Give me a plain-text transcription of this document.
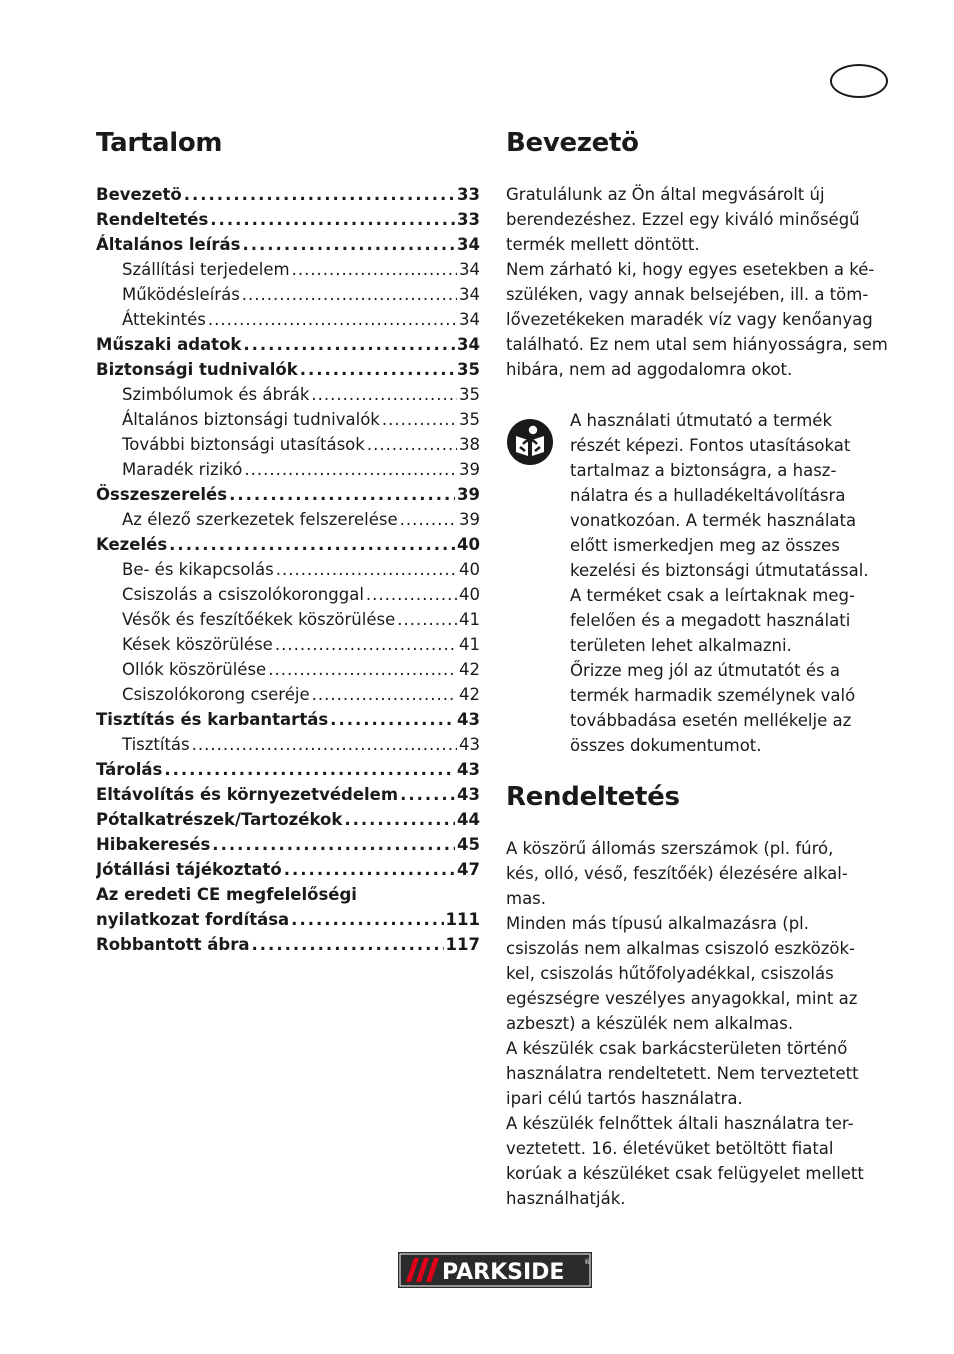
Tartalom
Bevezetö .....	33
Rendeltetés .....	33
Általános leírás .....	34
Szállítási terjedelem .....	34
Működésleírás .....	34
Áttekintés .....	34
Műszaki adatok .....	34
Biztonsági tudnivalók .....	35
Szimbólumok és ábrák .....	35
Általános biztonsági tudnivalók .....	35
További biztonsági utasítások .....	38
Maradék rizikó .....	39
Összeszerelés .....	39
Az élező szerkezetek felszerelése .....	39
Kezelés .....	40
Be- és kikapcsolás .....	40
Csiszolás a csiszolókoronggal .....	40
Vésők és feszítőékek köszörülése .....	41
Kések köszörülése .....	41
Ollók köszörülése .....	42
Csiszolókorong cseréje .....	42
Tisztítás és karbantartás .....	43
Tisztítás .....	43
Tárolás .....	43
Eltávolítás és környezetvédelem .....	43
Pótalkatrészek/Tartozékok .....	44
Hibakeresés .....	45
Jótállási tájékoztató .....	47
Az eredeti CE megfelelőségi
nyilatkozat fordítása .....	111
Robbantott ábra .....	117
Bevezetö

Gratulálunk az Ön által megvásárolt új

berendezéshez. Ezzel egy kiváló minőségű

termék mellett döntött.

Nem zárható ki, hogy egyes esetekben a ké-

szüléken, vagy annak belsejében, ill. a töm-

lővezetékeken maradék víz vagy kenőanyag

található. Ez nem utal sem hiányosságra, sem

hibára, nem ad aggodalomra okot.

A használati útmutató a termék

részét képezi. Fontos utasításokat

tartalmaz a biztonságra, a hasz-

nálatra és a hulladékeltávolításra

vonatkozóan. A termék használata

előtt ismerkedjen meg az összes

kezelési és biztonsági útmutatással.

A terméket csak a leírtaknak meg-

felelően és a megadott használati

területen lehet alkalmazni.

Őrizze meg jól az útmutatót és a

termék harmadik személynek való

továbbadása esetén mellékelje az

összes dokumentumot.

Rendeltetés

A köszörű állomás szerszámok (pl. fúró,

kés, olló, véső, feszítőék) élezésére alkal-

mas.

Minden más típusú alkalmazásra (pl.

csiszolás nem alkalmas csiszoló eszközök-

kel, csiszolás hűtőfolyadékkal, csiszolás

egészségre veszélyes anyagokkal, mint az

azbeszt) a készülék nem alkalmas.

A készülék csak barkácsterületen történő

használatra rendeltetett. Nem terveztetett

ipari célú tartós használatra.

A készülék felnőttek általi használatra ter-

veztetett. 16. életévüket betöltött fiatal

korúak a készüléket csak felügyelet mellett

használhatják.

PARKSIDE	®
